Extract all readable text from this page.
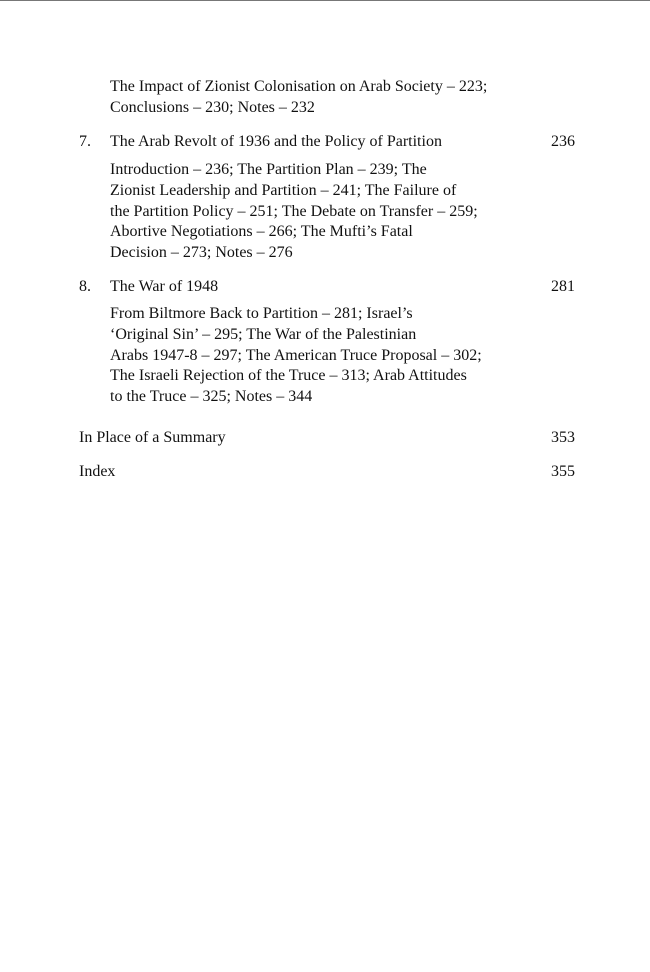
The Impact of Zionist Colonisation on Arab Society – 223;
Conclusions – 230; Notes – 232
7. The Arab Revolt of 1936 and the Policy of Partition	236
Introduction – 236; The Partition Plan – 239; The
Zionist Leadership and Partition – 241; The Failure of
the Partition Policy – 251; The Debate on Transfer – 259;
Abortive Negotiations – 266; The Mufti’s Fatal
Decision – 273; Notes – 276
8. The War of 1948	281
From Biltmore Back to Partition – 281; Israel’s
‘Original Sin’ – 295; The War of the Palestinian
Arabs 1947-8 – 297; The American Truce Proposal – 302;
The Israeli Rejection of the Truce – 313; Arab Attitudes
to the Truce – 325; Notes – 344
In Place of a Summary	353
Index	355
